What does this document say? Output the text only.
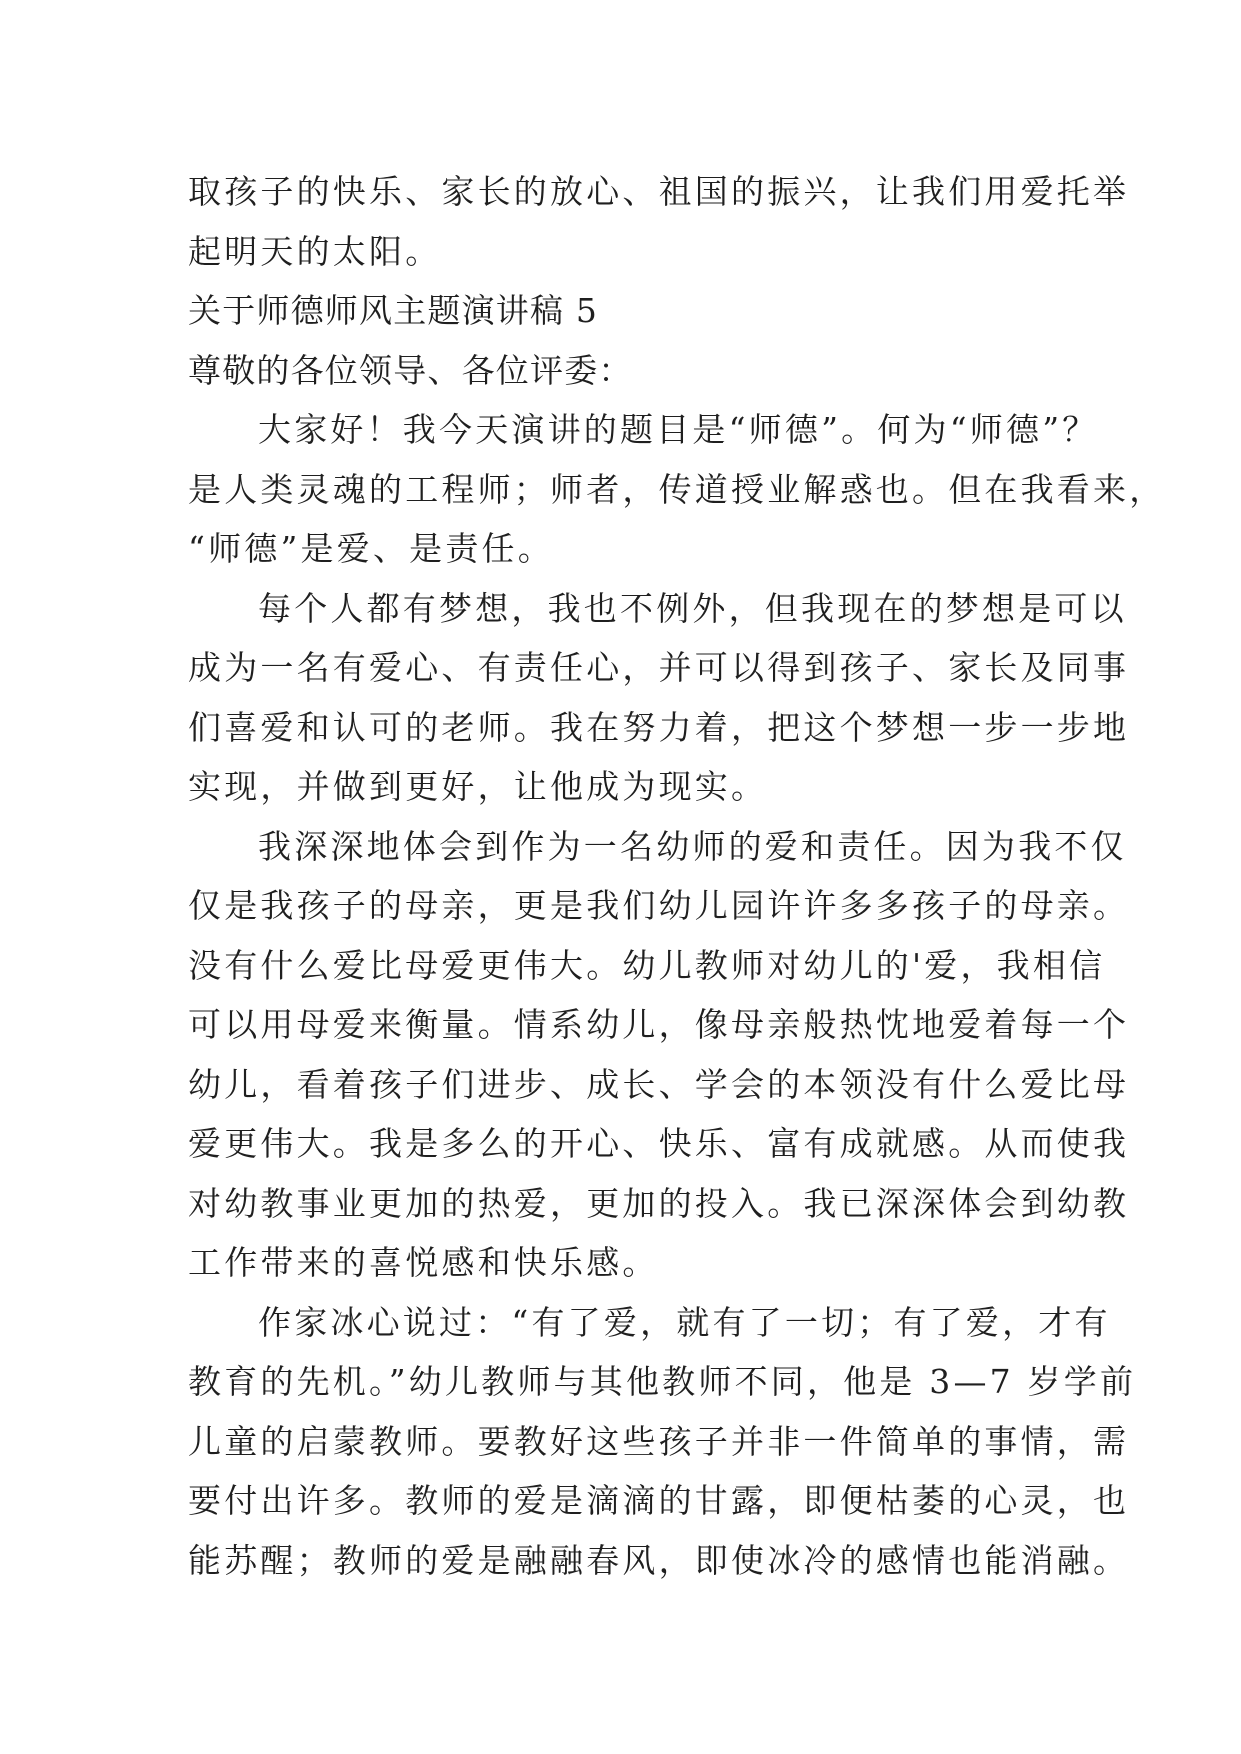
取孩子的快乐、家长的放心、祖国的振兴，让我们用爱托举
起明天的太阳。
关于师德师风主题演讲稿 5
尊敬的各位领导、各位评委：
大家好！我今天演讲的题目是“师德”。何为“师德”？
是人类灵魂的工程师；师者，传道授业解惑也。但在我看来，
“师德”是爱、是责任。
每个人都有梦想，我也不例外，但我现在的梦想是可以
成为一名有爱心、有责任心，并可以得到孩子、家长及同事
们喜爱和认可的老师。我在努力着，把这个梦想一步一步地
实现，并做到更好，让他成为现实。
我深深地体会到作为一名幼师的爱和责任。因为我不仅
仅是我孩子的母亲，更是我们幼儿园许许多多孩子的母亲。
没有什么爱比母爱更伟大。幼儿教师对幼儿的'爱，我相信
可以用母爱来衡量。情系幼儿，像母亲般热忱地爱着每一个
幼儿，看着孩子们进步、成长、学会的本领没有什么爱比母
爱更伟大。我是多么的开心、快乐、富有成就感。从而使我
对幼教事业更加的热爱，更加的投入。我已深深体会到幼教
工作带来的喜悦感和快乐感。
作家冰心说过：“有了爱，就有了一切；有了爱，才有
教育的先机。”幼儿教师与其他教师不同，他是 3—7 岁学前
儿童的启蒙教师。要教好这些孩子并非一件简单的事情，需
要付出许多。教师的爱是滴滴的甘露，即便枯萎的心灵，也
能苏醒；教师的爱是融融春风，即使冰冷的感情也能消融。
